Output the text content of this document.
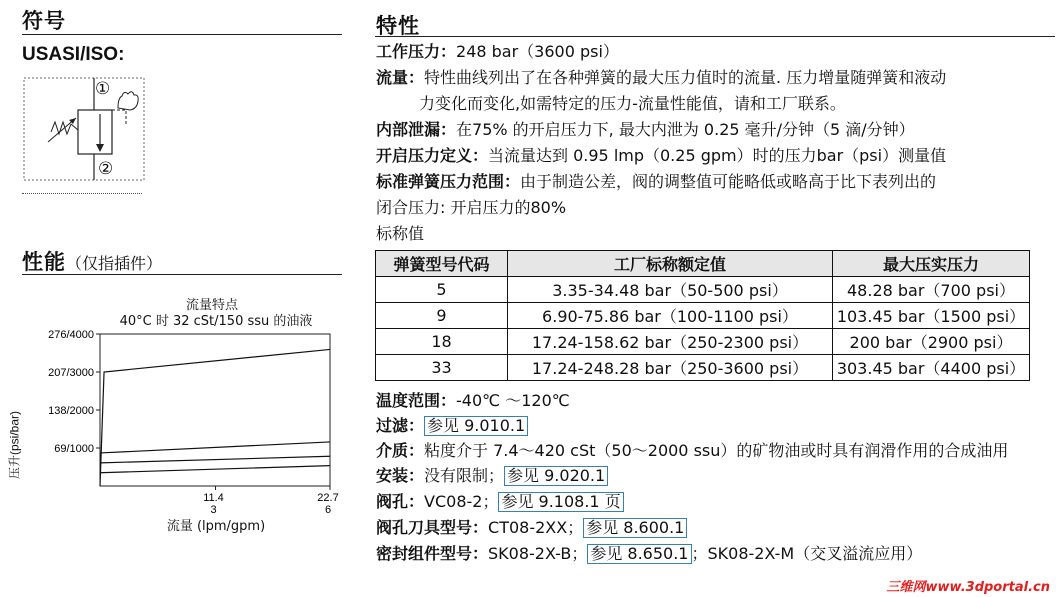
符号
USASI/ISO:
①
②
性能（仅指插件）
流量特点
40°C 时 32 cSt/150 ssu 的油液
276/4000
207/3000
138/2000
69/1000
11.4
3
22.7
6
压升(psi/bar)
流量 (lpm/gpm)
特性
工作压力：248 bar（3600 psi）
流量：特性曲线列出了在各种弹簧的最大压力值时的流量. 压力增量随弹簧和液动
力变化而变化,如需特定的压力-流量性能值，请和工厂联系。
内部泄漏：在75% 的开启压力下, 最大内泄为 0.25 毫升/分钟（5 滴/分钟）
开启压力定义：当流量达到 0.95 lmp（0.25 gpm）时的压力bar（psi）测量值
标准弹簧压力范围：由于制造公差，阀的调整值可能略低或略高于比下表列出的
闭合压力: 开启压力的80%
标称值
弹簧型号代码	工厂标称额定值	最大压实压力
5	3.35-34.48 bar（50-500 psi）	48.28 bar（700 psi）
9	6.90-75.86 bar（100-1100 psi）	103.45 bar（1500 psi）
18	17.24-158.62 bar（250-2300 psi）	200 bar（2900 psi）
33	17.24-248.28 bar（250-3600 psi）	303.45 bar（4400 psi）
温度范围：-40℃ ～120℃
过滤： 参见 9.010.1
介质：粘度介于 7.4～420 cSt（50～2000 ssu）的矿物油或时具有润滑作用的合成油用
安装：没有限制； 参见 9.020.1
阀孔：VC08-2； 参见 9.108.1 页
阀孔刀具型号：CT08-2XX； 参见 8.600.1
密封组件型号：SK08-2X-B； 参见 8.650.1 ；SK08-2X-M（交叉溢流应用）
三维网www.3dportal.cn
